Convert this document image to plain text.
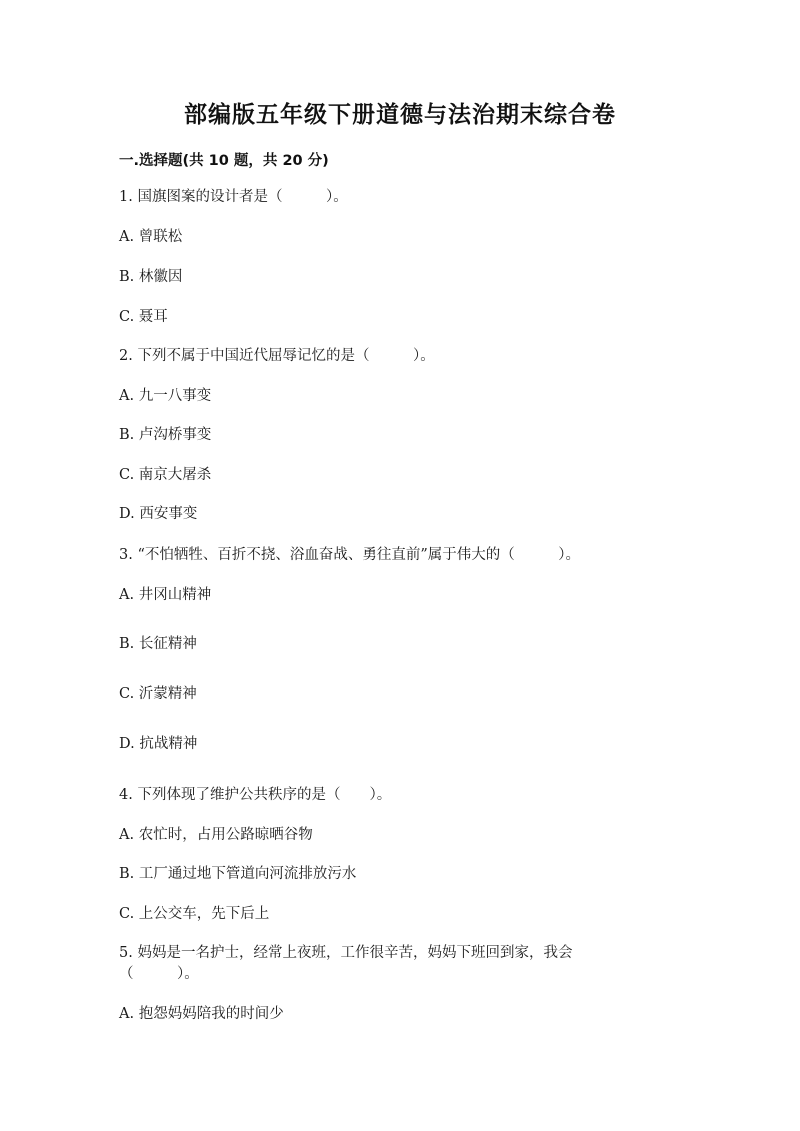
部编版五年级下册道德与法治期末综合卷
一.选择题(共 10 题，共 20 分)
1. 国旗图案的设计者是（　　　）。
A. 曾联松
B. 林徽因
C. 聂耳
2. 下列不属于中国近代屈辱记忆的是（　　　）。
A. 九一八事变
B. 卢沟桥事变
C. 南京大屠杀
D. 西安事变
3. “不怕牺牲、百折不挠、浴血奋战、勇往直前”属于伟大的（　　　）。
A. 井冈山精神
B. 长征精神
C. 沂蒙精神
D. 抗战精神
4. 下列体现了维护公共秩序的是（　　）。
A. 农忙时，占用公路晾晒谷物
B. 工厂通过地下管道向河流排放污水
C. 上公交车，先下后上
5. 妈妈是一名护士，经常上夜班，工作很辛苦，妈妈下班回到家，我会
（　　　）。
A. 抱怨妈妈陪我的时间少
